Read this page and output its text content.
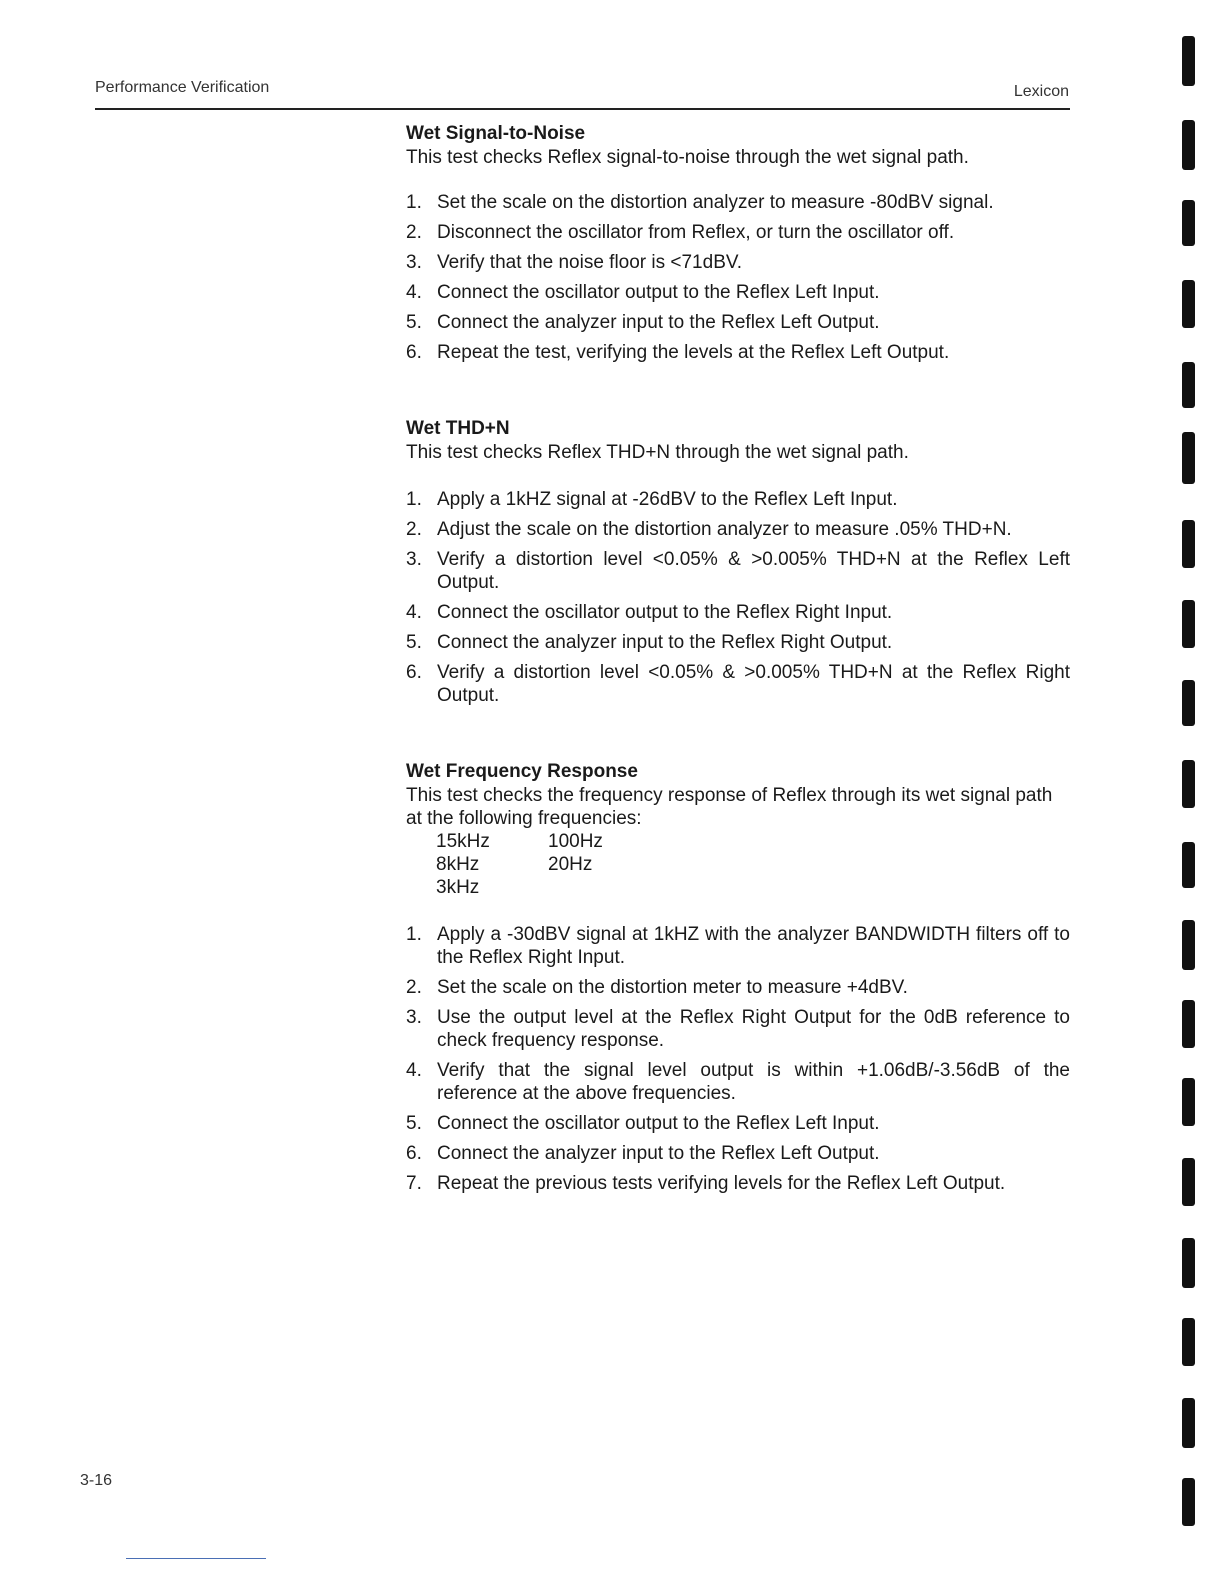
Performance Verification	Lexicon
Wet Signal-to-Noise

This test checks Reflex signal-to-noise through the wet signal path.

1. Set the scale on the distortion analyzer to measure -80dBV signal.
2. Disconnect the oscillator from Reflex, or turn the oscillator off.
3. Verify that the noise floor is <71dBV.
4. Connect the oscillator output to the Reflex Left Input.
5. Connect the analyzer input to the Reflex Left Output.
6. Repeat the test, verifying the levels at the Reflex Left Output.
Wet THD+N

This test checks Reflex THD+N through the wet signal path.

1. Apply a 1kHZ signal at -26dBV to the Reflex Left Input.
2. Adjust the scale on the distortion analyzer to measure .05% THD+N.
3. Verify a distortion level <0.05% & >0.005% THD+N at the Reflex Left Output.
4. Connect the oscillator output to the Reflex Right Input.
5. Connect the analyzer input to the Reflex Right Output.
6. Verify a distortion level <0.05% & >0.005% THD+N at the Reflex Right Output.
Wet Frequency Response

This test checks the frequency response of Reflex through its wet signal path at the following frequencies:

15kHz	100Hz
8kHz	20Hz
3kHz
1. Apply a -30dBV signal at 1kHZ with the analyzer BANDWIDTH filters off to the Reflex Right Input.
2. Set the scale on the distortion meter to measure +4dBV.
3. Use the output level at the Reflex Right Output for the 0dB reference to check frequency response.
4. Verify that the signal level output is within +1.06dB/-3.56dB of the reference at the above frequencies.
5. Connect the oscillator output to the Reflex Left Input.
6. Connect the analyzer input to the Reflex Left Output.
7. Repeat the previous tests verifying levels for the Reflex Left Output.
3-16
